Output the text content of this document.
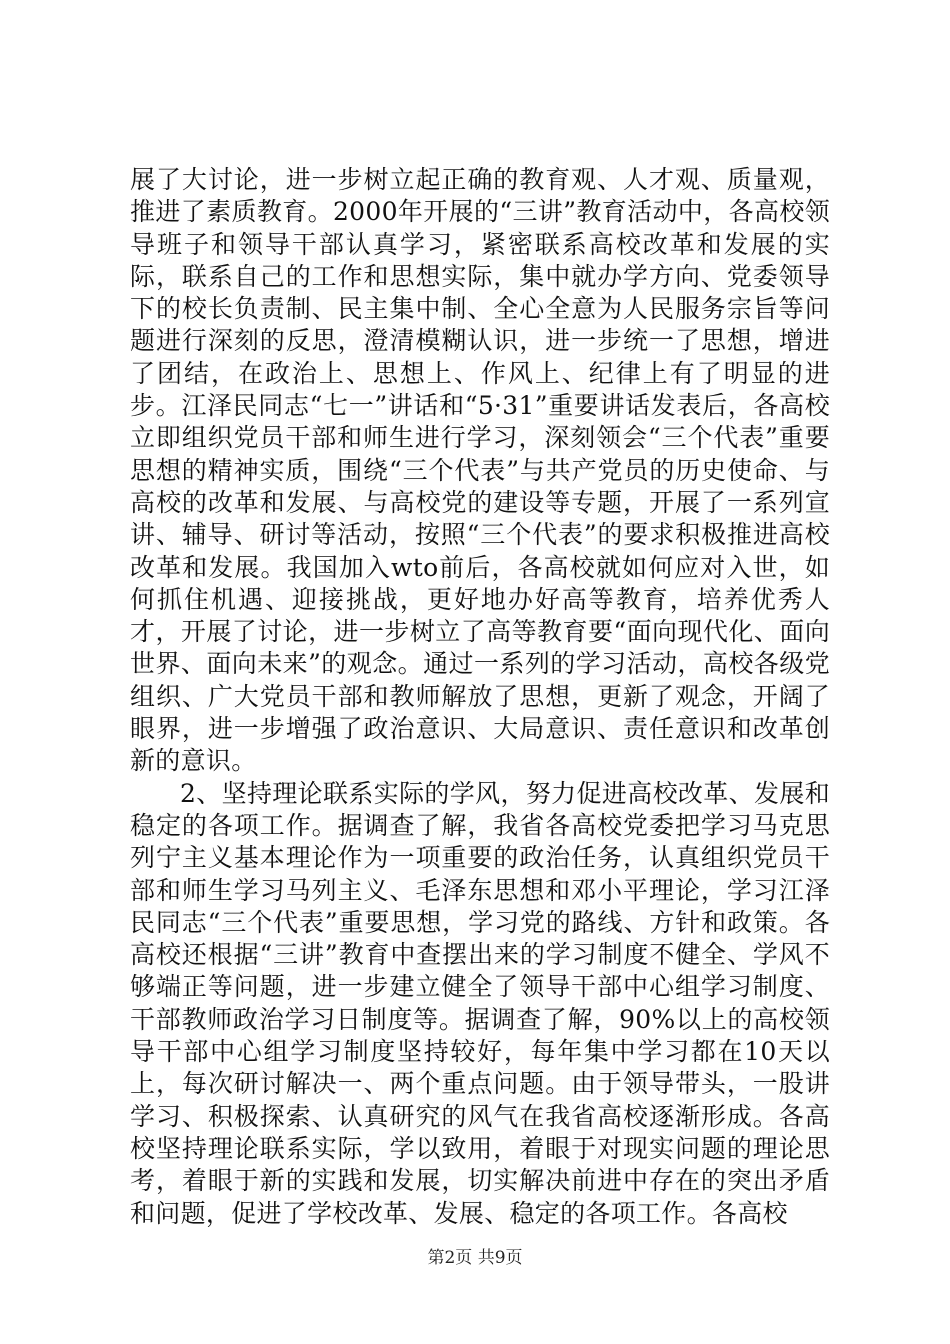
展了大讨论，进一步树立起正确的教育观、人才观、质量观，推进了素质教育。2000年开展的“三讲”教育活动中，各高校领导班子和领导干部认真学习，紧密联系高校改革和发展的实际，联系自己的工作和思想实际，集中就办学方向、党委领导下的校长负责制、民主集中制、全心全意为人民服务宗旨等问题进行深刻的反思，澄清模糊认识，进一步统一了思想，增进了团结，在政治上、思想上、作风上、纪律上有了明显的进步。江泽民同志“七一”讲话和“5·31”重要讲话发表后，各高校立即组织党员干部和师生进行学习，深刻领会“三个代表”重要思想的精神实质，围绕“三个代表”与共产党员的历史使命、与高校的改革和发展、与高校党的建设等专题，开展了一系列宣讲、辅导、研讨等活动，按照“三个代表”的要求积极推进高校改革和发展。我国加入wto前后，各高校就如何应对入世，如何抓住机遇、迎接挑战，更好地办好高等教育，培养优秀人才，开展了讨论，进一步树立了高等教育要“面向现代化、面向世界、面向未来”的观念。通过一系列的学习活动，高校各级党组织、广大党员干部和教师解放了思想，更新了观念，开阔了眼界，进一步增强了政治意识、大局意识、责任意识和改革创新的意识。

2、坚持理论联系实际的学风，努力促进高校改革、发展和稳定的各项工作。据调查了解，我省各高校党委把学习马克思列宁主义基本理论作为一项重要的政治任务，认真组织党员干部和师生学习马列主义、毛泽东思想和邓小平理论，学习江泽民同志“三个代表”重要思想，学习党的路线、方针和政策。各高校还根据“三讲”教育中查摆出来的学习制度不健全、学风不够端正等问题，进一步建立健全了领导干部中心组学习制度、干部教师政治学习日制度等。据调查了解，90%以上的高校领导干部中心组学习制度坚持较好，每年集中学习都在10天以上，每次研讨解决一、两个重点问题。由于领导带头，一股讲学习、积极探索、认真研究的风气在我省高校逐渐形成。各高校坚持理论联系实际，学以致用，着眼于对现实问题的理论思考，着眼于新的实践和发展，切实解决前进中存在的突出矛盾和问题，促进了学校改革、发展、稳定的各项工作。各高校

第2页 共9页
